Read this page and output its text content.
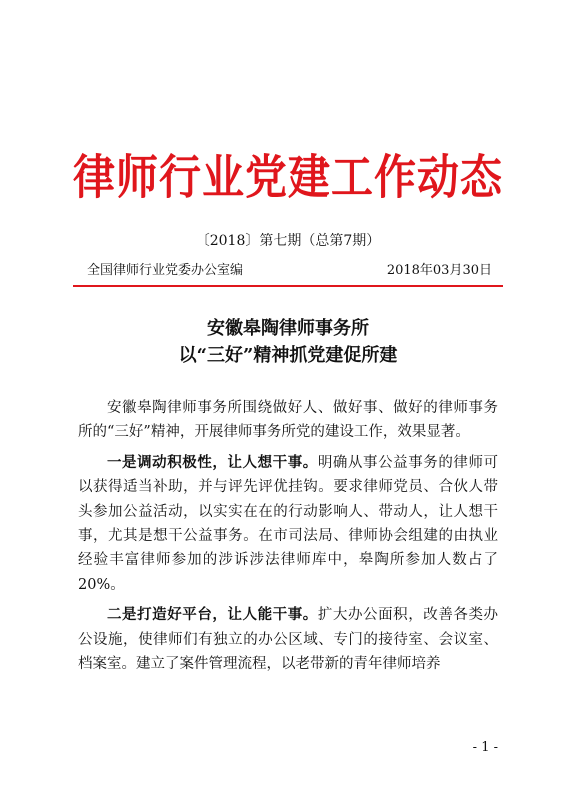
律师行业党建工作动态
〔2018〕第七期（总第7期）
全国律师行业党委办公室编	2018年03月30日
安徽皋陶律师事务所
以“三好”精神抓党建促所建

安徽皋陶律师事务所围绕做好人、做好事、做好的律师事务所的“三好”精神，开展律师事务所党的建设工作，效果显著。

一是调动积极性，让人想干事。明确从事公益事务的律师可以获得适当补助，并与评先评优挂钩。要求律师党员、合伙人带头参加公益活动，以实实在在的行动影响人、带动人，让人想干事，尤其是想干公益事务。在市司法局、律师协会组建的由执业经验丰富律师参加的涉诉涉法律师库中，皋陶所参加人数占了20%。

二是打造好平台，让人能干事。扩大办公面积，改善各类办公设施，使律师们有独立的办公区域、专门的接待室、会议室、档案室。建立了案件管理流程，以老带新的青年律师培养

- 1 -
